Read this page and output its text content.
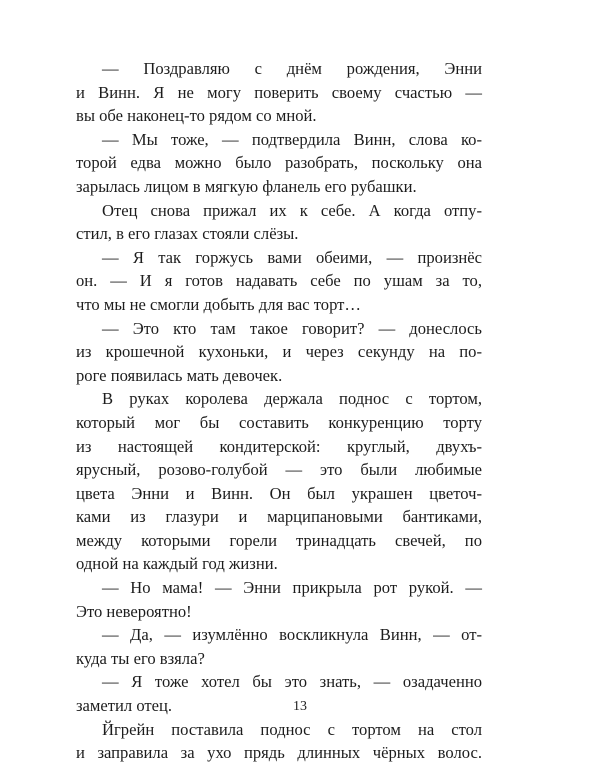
— Поздравляю с днём рождения, Энни
и Винн. Я не могу поверить своему счастью —
вы обе наконец-то рядом со мной.
— Мы тоже, — подтвердила Винн, слова ко-
торой едва можно было разобрать, поскольку она
зарылась лицом в мягкую фланель его рубашки.
Отец снова прижал их к себе. А когда отпу-
стил, в его глазах стояли слёзы.
— Я так горжусь вами обеими, — произнёс
он. — И я готов надавать себе по ушам за то,
что мы не смогли добыть для вас торт…
— Это кто там такое говорит? — донеслось
из крошечной кухоньки, и через секунду на по-
роге появилась мать девочек.
В руках королева держала поднос с тортом,
который мог бы составить конкуренцию торту
из настоящей кондитерской: круглый, двухъ-
ярусный, розово-голубой — это были любимые
цвета Энни и Винн. Он был украшен цветоч-
ками из глазури и марципановыми бантиками,
между которыми горели тринадцать свечей, по
одной на каждый год жизни.
— Но мама! — Энни прикрыла рот рукой. —
Это невероятно!
— Да, — изумлённо воскликнула Винн, — от-
куда ты его взяла?
— Я тоже хотел бы это знать, — озадаченно
заметил отец.
Йгрейн поставила поднос с тортом на стол
и заправила за ухо прядь длинных чёрных волос.
13
